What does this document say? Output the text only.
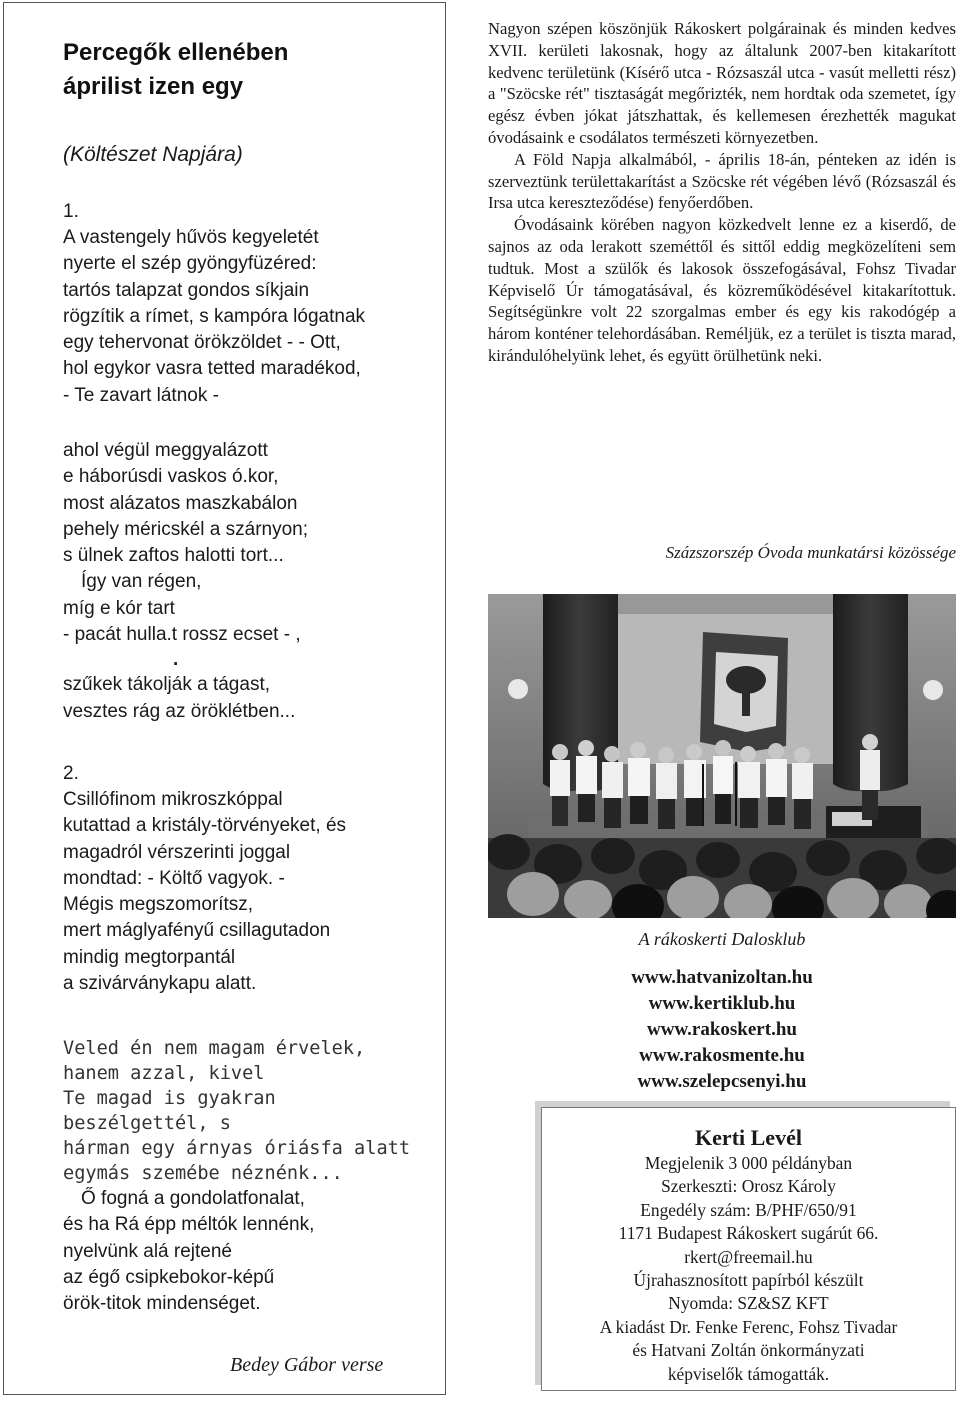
Percegők ellenében
áprilist izen egy
(Költészet Napjára)
1.
A vastengely hűvös kegyeletét
nyerte el szép gyöngyfüzéred:
tartós talapzat gondos síkjain
rögzítik a rímet, s kampóra lógatnak
egy tehervonat örökzöldet - - Ott,
hol egykor vasra tetted maradékod,
- Te zavart látnok -
ahol végül meggyalázott
e háborúsdi vaskos ó.kor,
most alázatos maszkabálon
pehely méricskél a szárnyon;
s ülnek zaftos halotti tort...
Így van régen,
míg e kór tart
- pacát hulla.t rossz ecset - ,
.
szűkek tákolják a tágast,
vesztes rág az öröklétben...
2.
Csillófinom mikroszkóppal
kutattad a kristály-törvényeket, és
magadról vérszerinti joggal
mondtad: - Költő vagyok. -
Mégis megszomorítsz,
mert máglyafényű csillagutadon
mindig megtorpantál
a szivárványkapu alatt.
Veled én nem magam érvelek,
hanem azzal, kivel
Te magad is gyakran
beszélgettél, s
hárman egy árnyas óriásfa alatt
egymás szemébe néznénk...
Ő fogná a gondolatfonalat,
és ha Rá épp méltók lennénk,
nyelvünk alá rejtené
az égő csipkebokor-képű
örök-titok mindenséget.
Bedey Gábor verse

Nagyon szépen köszönjük Rákoskert polgárainak és minden kedves XVII. kerületi lakosnak, hogy az általunk 2007-ben kitakarított kedvenc területünk (Kísérő utca - Rózsaszál utca - vasút melletti rész) a "Szöcske rét" tisztaságát megőrizték, nem hordtak oda szemetet, így egész évben jókat játszhattak, és kellemesen érezhették magukat óvodásaink e csodálatos természeti környezetben.

A Föld Napja alkalmából, - április 18-án, pénteken az idén is szerveztünk területtakarítást a Szöcske rét végében lévő (Rózsaszál és Irsa utca kereszteződése) fenyőerdőben.

Óvodásaink körében nagyon közkedvelt lenne ez a kiserdő, de sajnos az oda lerakott szeméttől és sittől eddig megközelíteni sem tudtuk. Most a szülők és lakosok összefogásával, Fohsz Tivadar Képviselő Úr támogatásával, és közreműködésével kitakarítottuk. Segítségünkre volt 22 szorgalmas ember és egy kis rakodógép a három konténer telehordásában. Reméljük, ez a terület is tiszta marad, kirándulóhelyünk lehet, és együtt örülhetünk neki.

Százszorszép Óvoda munkatársi közössége
A rákoskerti Dalosklub
www.hatvanizoltan.hu
www.kertiklub.hu
www.rakoskert.hu
www.rakosmente.hu
www.szelepcsenyi.hu
Kerti Levél
Megjelenik 3 000 példányban
Szerkeszti: Orosz Károly
Engedély szám: B/PHF/650/91
1171 Budapest Rákoskert sugárút 66.
rkert@freemail.hu
Újrahasznosított papírból készült
Nyomda: SZ&SZ KFT
A kiadást Dr. Fenke Ferenc, Fohsz Tivadar
és Hatvani Zoltán önkormányzati
képviselők támogatták.
